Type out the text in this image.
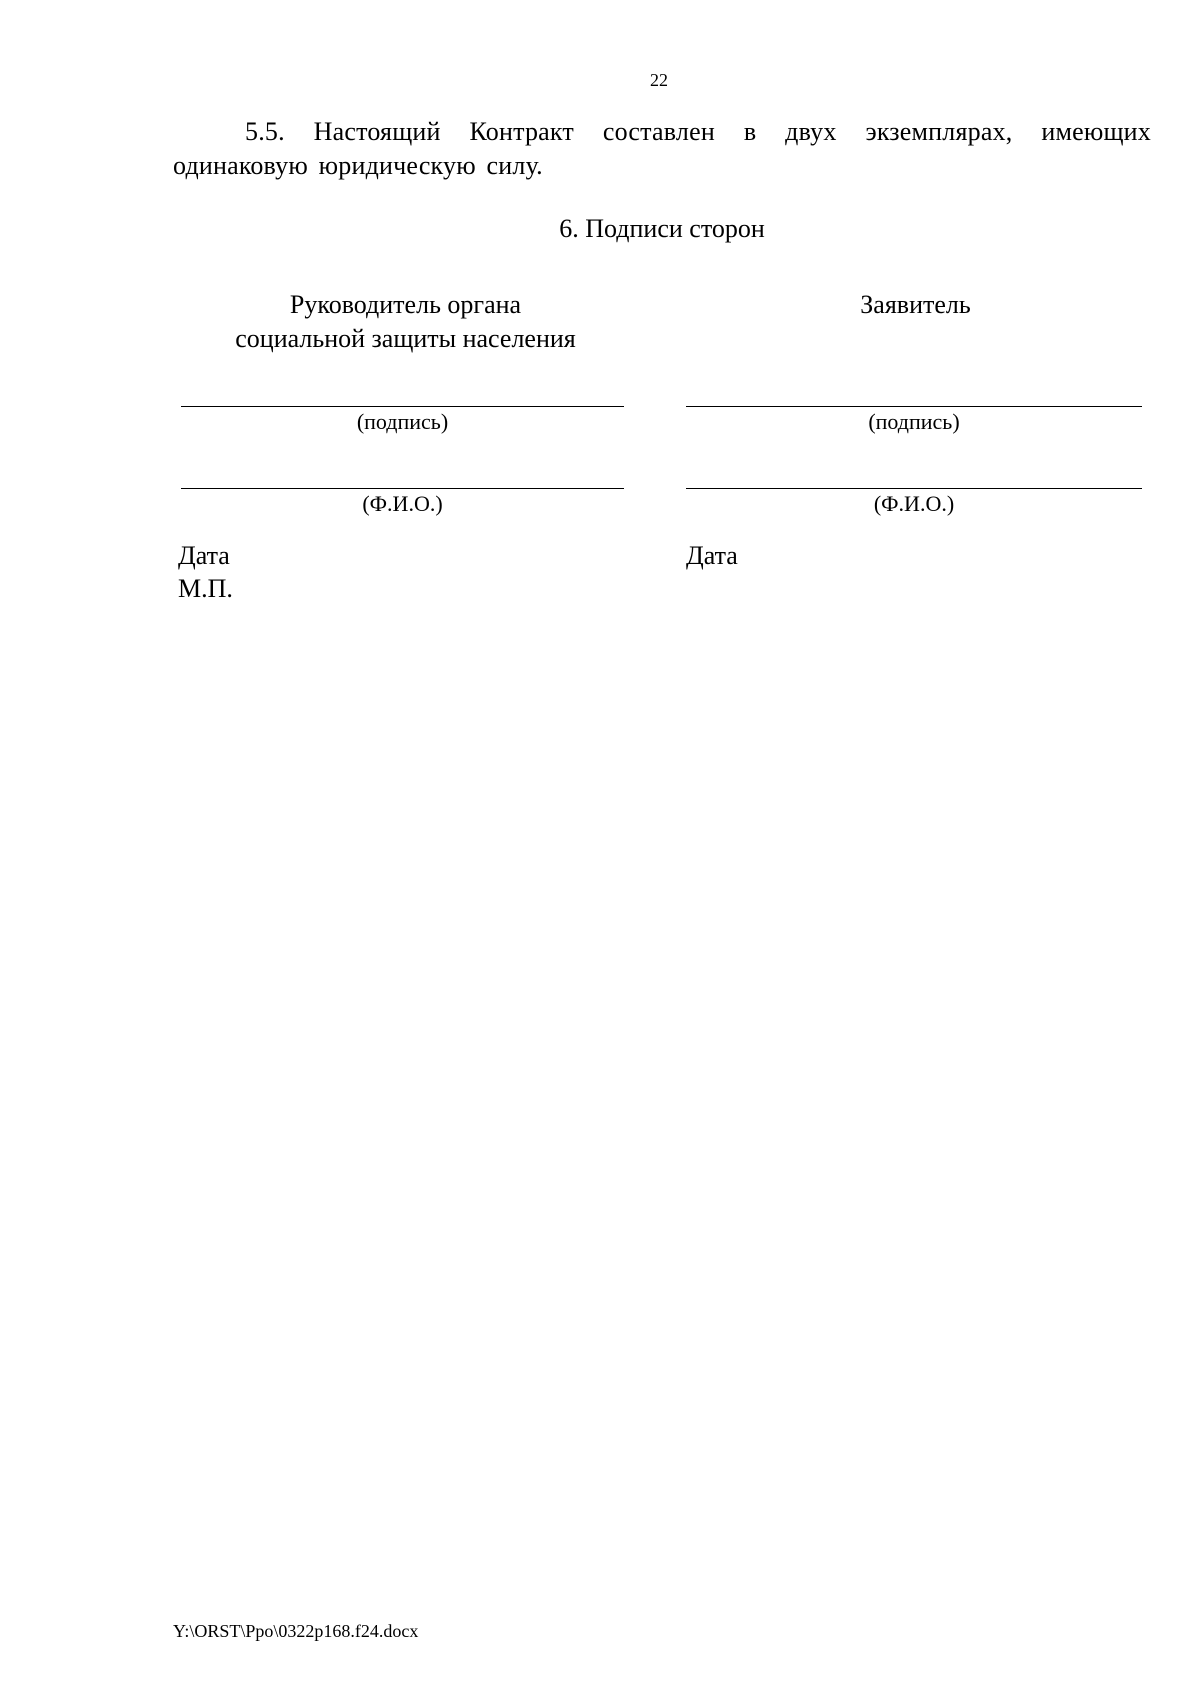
22
5.5. Настоящий Контракт составлен в двух экземплярах, имеющих одинаковую юридическую силу.
6. Подписи сторон
Руководитель органа
социальной защиты населения
Заявитель
(подпись)	(подпись)
(Ф.И.О.)	(Ф.И.О.)
Дата
М.П.
Дата
Y:\ORST\Ppo\0322p168.f24.docx
